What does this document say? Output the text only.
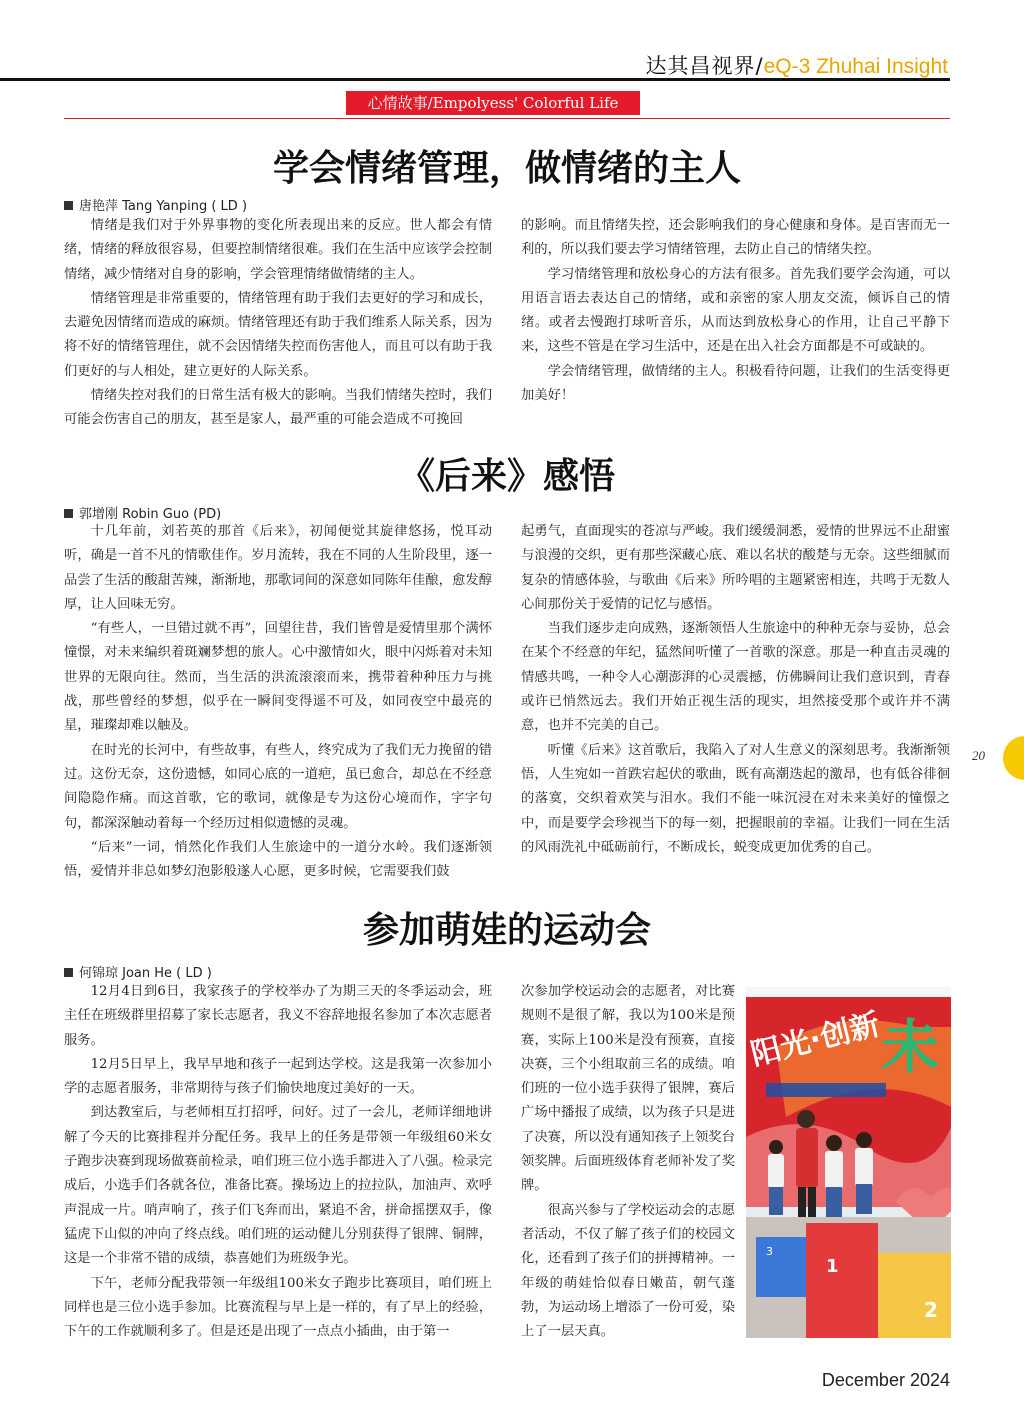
达其昌视界/eQ-3 Zhuhai Insight
心情故事/Empolyess' Colorful Life
学会情绪管理，做情绪的主人
唐艳萍 Tang Yanping ( LD )

情绪是我们对于外界事物的变化所表现出来的反应。世人都会有情绪，情绪的释放很容易，但要控制情绪很难。我们在生活中应该学会控制情绪，减少情绪对自身的影响，学会管理情绪做情绪的主人。

情绪管理是非常重要的，情绪管理有助于我们去更好的学习和成长，去避免因情绪而造成的麻烦。情绪管理还有助于我们维系人际关系，因为将不好的情绪管理住，就不会因情绪失控而伤害他人，而且可以有助于我们更好的与人相处，建立更好的人际关系。

情绪失控对我们的日常生活有极大的影响。当我们情绪失控时，我们可能会伤害自己的朋友，甚至是家人，最严重的可能会造成不可挽回

的影响。而且情绪失控，还会影响我们的身心健康和身体。是百害而无一利的，所以我们要去学习情绪管理，去防止自己的情绪失控。

学习情绪管理和放松身心的方法有很多。首先我们要学会沟通，可以用语言语去表达自己的情绪，或和亲密的家人朋友交流，倾诉自己的情绪。或者去慢跑打球听音乐，从而达到放松身心的作用，让自己平静下来，这些不管是在学习生活中，还是在出入社会方面都是不可或缺的。

学会情绪管理，做情绪的主人。积极看待问题，让我们的生活变得更加美好！

《后来》感悟
郭增刚 Robin Guo (PD)

十几年前，刘若英的那首《后来》，初闻便觉其旋律悠扬，悦耳动听，确是一首不凡的情歌佳作。岁月流转，我在不同的人生阶段里，逐一品尝了生活的酸甜苦辣，渐渐地，那歌词间的深意如同陈年佳酿，愈发醇厚，让人回味无穷。

“有些人，一旦错过就不再”，回望往昔，我们皆曾是爱情里那个满怀憧憬，对未来编织着斑斓梦想的旅人。心中激情如火，眼中闪烁着对未知世界的无限向往。然而，当生活的洪流滚滚而来，携带着种种压力与挑战，那些曾经的梦想，似乎在一瞬间变得遥不可及，如同夜空中最亮的星，璀璨却难以触及。

在时光的长河中，有些故事，有些人，终究成为了我们无力挽留的错过。这份无奈，这份遗憾，如同心底的一道疤，虽已愈合，却总在不经意间隐隐作痛。而这首歌，它的歌词，就像是专为这份心境而作，字字句句，都深深触动着每一个经历过相似遗憾的灵魂。

“后来”一词，悄然化作我们人生旅途中的一道分水岭。我们逐渐领悟，爱情并非总如梦幻泡影般遂人心愿，更多时候，它需要我们鼓

起勇气，直面现实的苍凉与严峻。我们缓缓洞悉，爱情的世界远不止甜蜜与浪漫的交织，更有那些深藏心底、难以名状的酸楚与无奈。这些细腻而复杂的情感体验，与歌曲《后来》所吟唱的主题紧密相连，共鸣于无数人心间那份关于爱情的记忆与感悟。

当我们逐步走向成熟，逐渐领悟人生旅途中的种种无奈与妥协，总会在某个不经意的年纪，猛然间听懂了一首歌的深意。那是一种直击灵魂的情感共鸣，一种令人心潮澎湃的心灵震撼，仿佛瞬间让我们意识到，青春或许已悄然远去。我们开始正视生活的现实，坦然接受那个或许并不满意，也并不完美的自己。

听懂《后来》这首歌后，我陷入了对人生意义的深刻思考。我渐渐领悟，人生宛如一首跌宕起伏的歌曲，既有高潮迭起的激昂，也有低谷徘徊的落寞，交织着欢笑与泪水。我们不能一味沉浸在对未来美好的憧憬之中，而是要学会珍视当下的每一刻，把握眼前的幸福。让我们一同在生活的风雨洗礼中砥砺前行，不断成长，蜕变成更加优秀的自己。

参加萌娃的运动会
何锦琼 Joan He ( LD )

12月4日到6日，我家孩子的学校举办了为期三天的冬季运动会，班主任在班级群里招募了家长志愿者，我义不容辞地报名参加了本次志愿者服务。

12月5日早上，我早早地和孩子一起到达学校。这是我第一次参加小学的志愿者服务，非常期待与孩子们愉快地度过美好的一天。

到达教室后，与老师相互打招呼，问好。过了一会儿，老师详细地讲解了今天的比赛排程并分配任务。我早上的任务是带领一年级组60米女子跑步决赛到现场做赛前检录，咱们班三位小选手都进入了八强。检录完成后，小选手们各就各位，准备比赛。操场边上的拉拉队，加油声、欢呼声混成一片。哨声响了，孩子们飞奔而出，紧追不舍，拼命摇摆双手，像猛虎下山似的冲向了终点线。咱们班的运动健儿分别获得了银牌、铜牌，这是一个非常不错的成绩，恭喜她们为班级争光。

下午，老师分配我带领一年级组100米女子跑步比赛项目，咱们班上同样也是三位小选手参加。比赛流程与早上是一样的，有了早上的经验，下午的工作就顺利多了。但是还是出现了一点点小插曲，由于第一

次参加学校运动会的志愿者，对比赛规则不是很了解，我以为100米是预赛，实际上100米是没有预赛，直接决赛，三个小组取前三名的成绩。咱们班的一位小选手获得了银牌，赛后广场中播报了成绩，以为孩子只是进了决赛，所以没有通知孩子上领奖台领奖牌。后面班级体育老师补发了奖牌。

很高兴参与了学校运动会的志愿者活动，不仅了解了孩子们的校园文化，还看到了孩子们的拼搏精神。一年级的萌娃恰似春日嫩苗，朝气蓬勃，为运动场上增添了一份可爱，染上了一层天真。

阳光·创新
未
3
1
2
20
December 2024
